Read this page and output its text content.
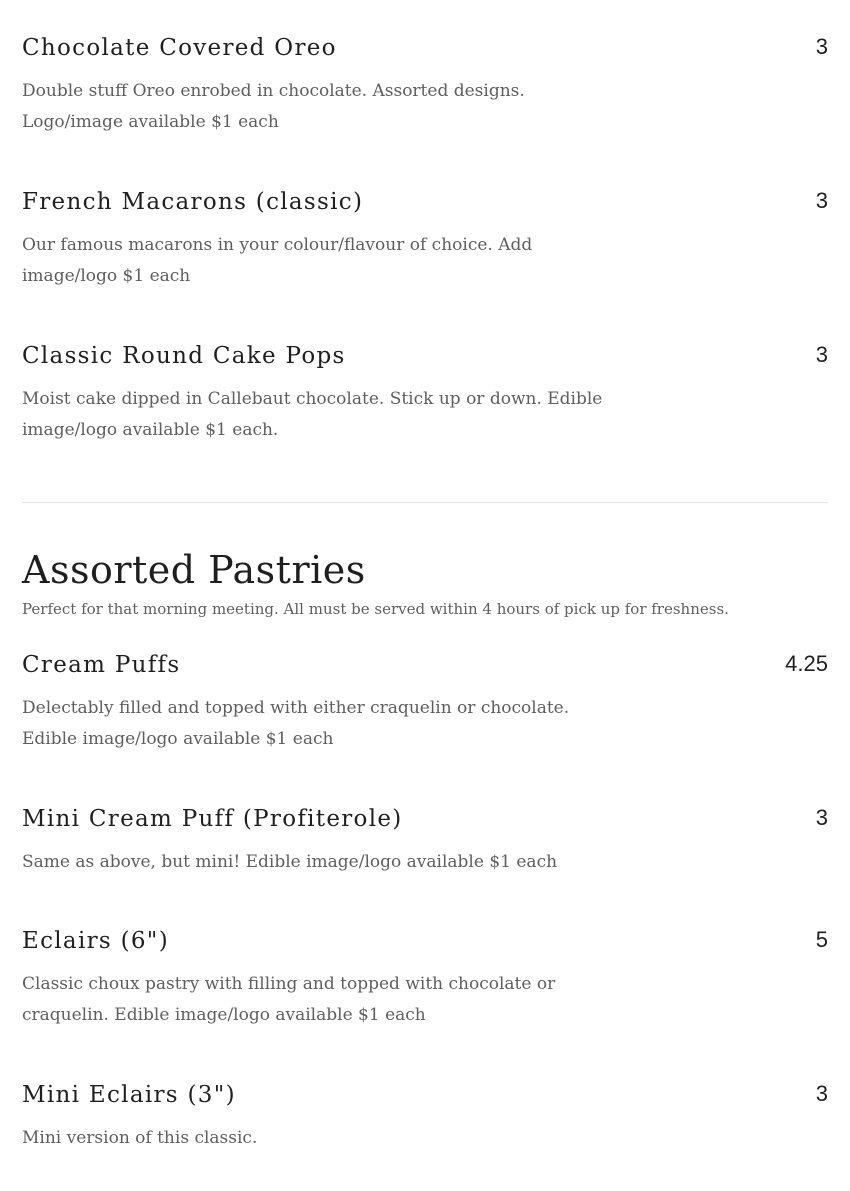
Chocolate Covered Oreo	3
Double stuff Oreo enrobed in chocolate. Assorted designs.
Logo/image available $1 each
French Macarons (classic)	3
Our famous macarons in your colour/flavour of choice. Add
image/logo $1 each
Classic Round Cake Pops	3
Moist cake dipped in Callebaut chocolate. Stick up or down. Edible
image/logo available $1 each.
Assorted Pastries
Perfect for that morning meeting. All must be served within 4 hours of pick up for freshness.
Cream Puffs	4.25
Delectably filled and topped with either craquelin or chocolate.
Edible image/logo available $1 each
Mini Cream Puff (Profiterole)	3
Same as above, but mini! Edible image/logo available $1 each
Eclairs (6")	5
Classic choux pastry with filling and topped with chocolate or
craquelin. Edible image/logo available $1 each
Mini Eclairs (3")	3
Mini version of this classic.
